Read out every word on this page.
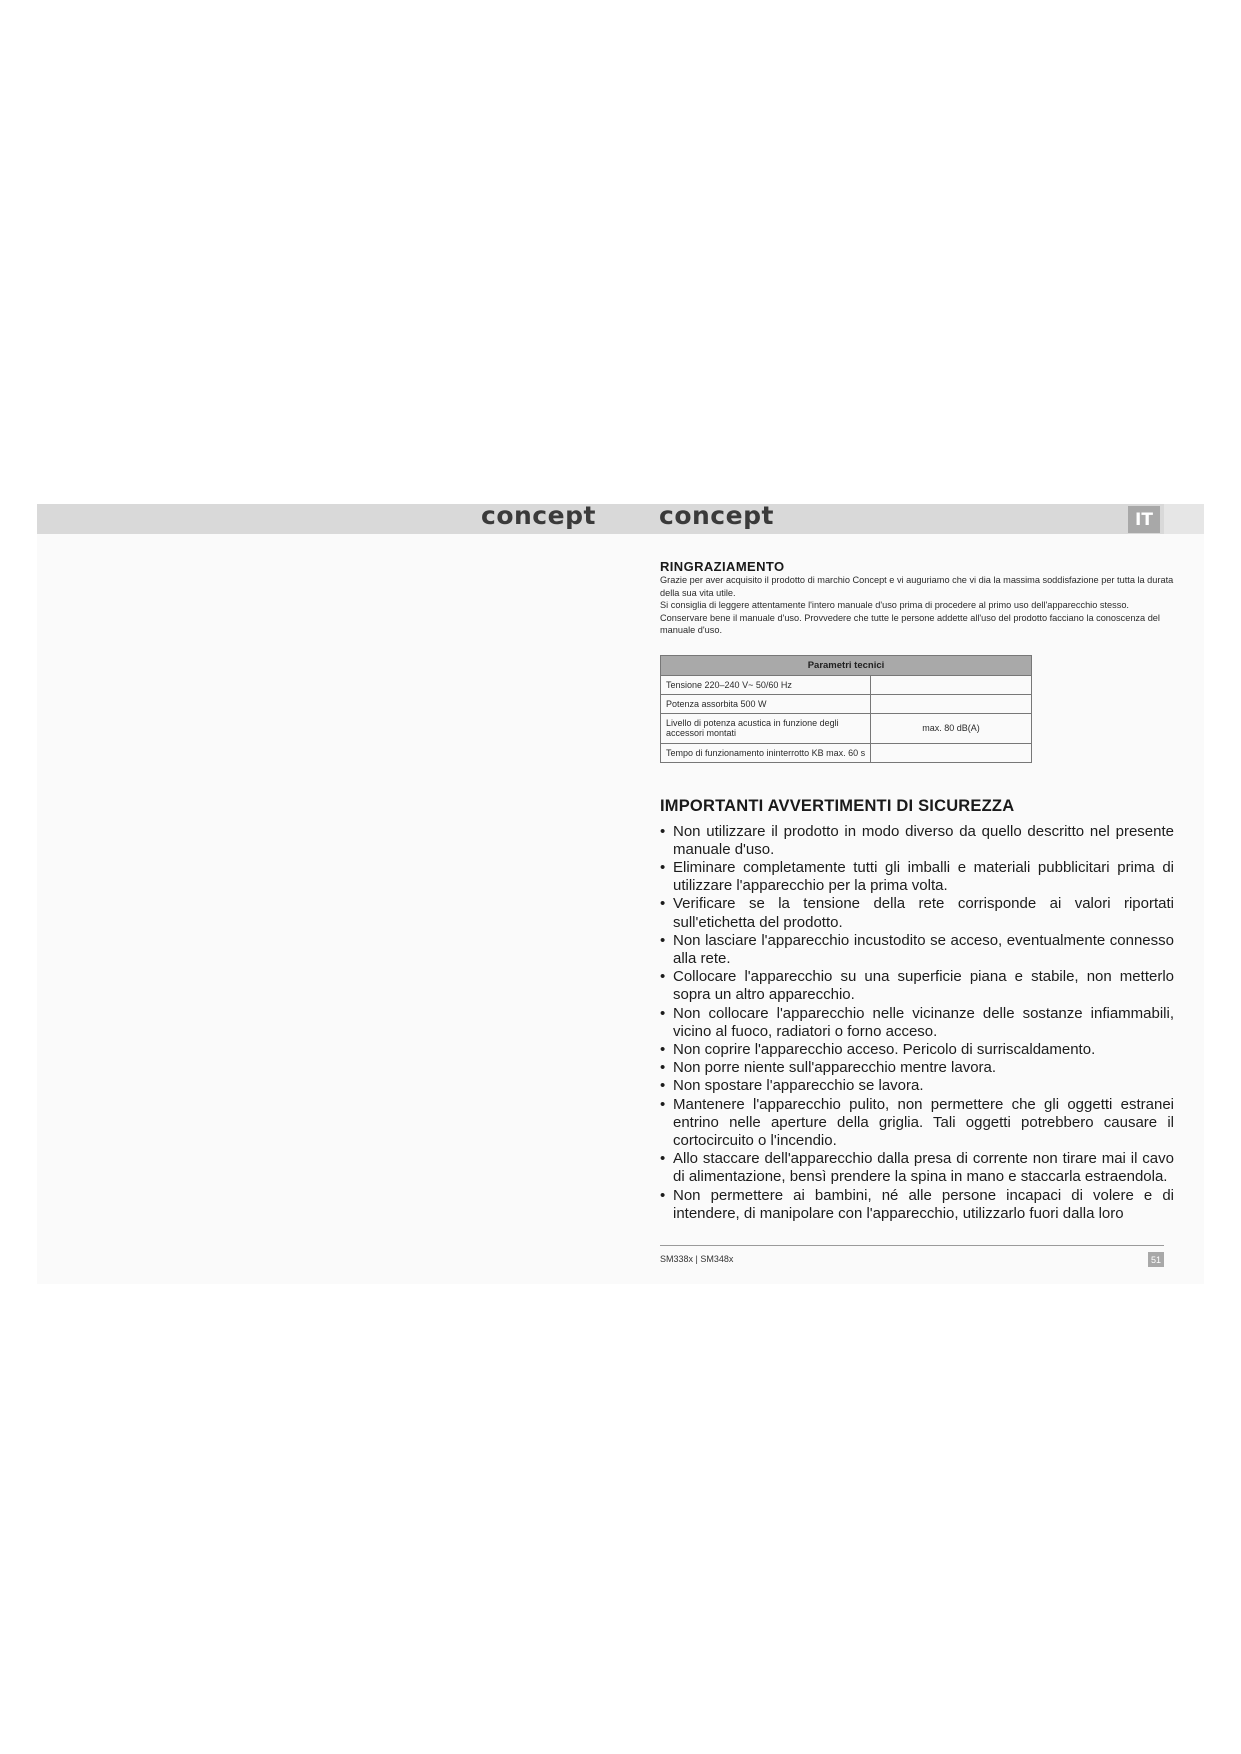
concept	concept	IT
RINGRAZIAMENTO

Grazie per aver acquisito il prodotto di marchio Concept e vi auguriamo che vi dia la massima soddisfazione per tutta la durata della sua vita utile.

Si consiglia di leggere attentamente l'intero manuale d'uso prima di procedere al primo uso dell'apparecchio stesso. Conservare bene il manuale d'uso. Provvedere che tutte le persone addette all'uso del prodotto facciano la conoscenza del manuale d'uso.

Parametri tecnici	
Tensione 220–240 V~ 50/60 Hz	
Potenza assorbita 500 W	
Livello di potenza acustica in funzione degli accessori montati	max. 80 dB(A)
Tempo di funzionamento ininterrotto KB max. 60 s	
IMPORTANTI AVVERTIMENTI DI SICUREZZA
• Non utilizzare il prodotto in modo diverso da quello descritto nel presente manuale d'uso.
• Eliminare completamente tutti gli imballi e materiali pubblicitari prima di utilizzare l'apparecchio per la prima volta.
• Verificare se la tensione della rete corrisponde ai valori riportati sull'etichetta del prodotto.
• Non lasciare l'apparecchio incustodito se acceso, eventualmente connesso alla rete.
• Collocare l'apparecchio su una superficie piana e stabile, non metterlo sopra un altro apparecchio.
• Non collocare l'apparecchio nelle vicinanze delle sostanze infiammabili, vicino al fuoco, radiatori o forno acceso.
• Non coprire l'apparecchio acceso. Pericolo di surriscaldamento.
• Non porre niente sull'apparecchio mentre lavora.
• Non spostare l'apparecchio se lavora.
• Mantenere l'apparecchio pulito, non permettere che gli oggetti estranei entrino nelle aperture della griglia. Tali oggetti potrebbero causare il cortocircuito o l'incendio.
• Allo staccare dell'apparecchio dalla presa di corrente non tirare mai il cavo di alimentazione, bensì prendere la spina in mano e staccarla estraendola.
• Non permettere ai bambini, né alle persone incapaci di volere e di intendere, di manipolare con l'apparecchio, utilizzarlo fuori dalla loro
SM338x | SM348x	51
